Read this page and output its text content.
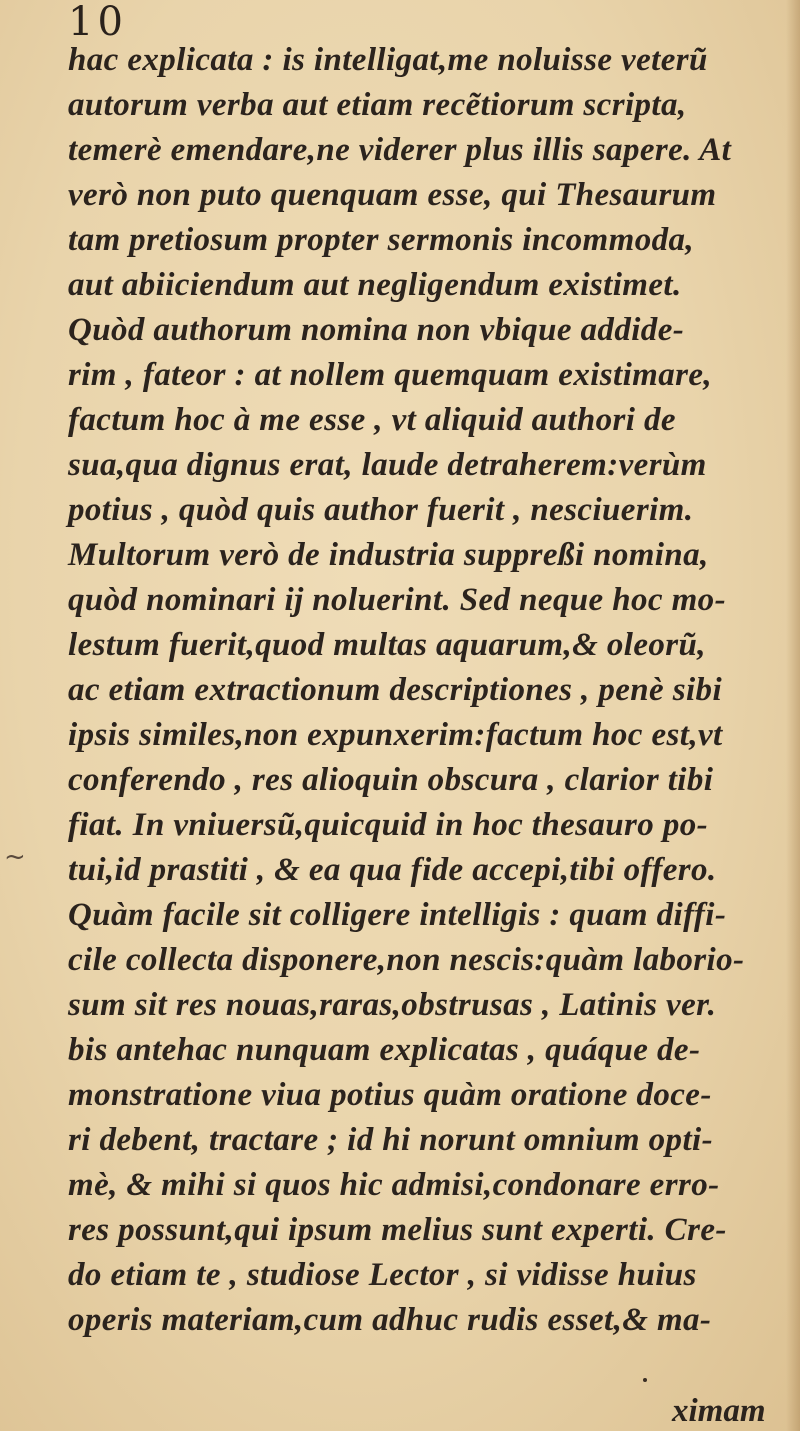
10
hac explicata : is intelligat,me noluisse veterũ
autorum verba aut etiam recẽtiorum scripta,
temerè emendare,ne viderer plus illis sapere. At
verò non puto quenquam esse, qui Thesaurum
tam pretiosum propter sermonis incommoda,
aut abiiciendum aut negligendum existimet.
Quòd authorum nomina non vbique addide-
rim , fateor : at nollem quemquam existimare,
factum hoc à me esse , vt aliquid authori de
sua,qua dignus erat, laude detraherem:verùm
potius , quòd quis author fuerit , nesciuerim.
Multorum verò de industria suppreßi nomina,
quòd nominari ij noluerint. Sed neque hoc mo-
lestum fuerit,quod multas aquarum,& oleorũ,
ac etiam extractionum descriptiones , penè sibi
ipsis similes,non expunxerim:factum hoc est,vt
conferendo , res alioquin obscura , clarior tibi
fiat. In vniuersũ,quicquid in hoc thesauro po-
tui,id prastiti , & ea qua fide accepi,tibi offero.
Quàm facile sit colligere intelligis : quam diffi-
cile collecta disponere,non nescis:quàm laborio-
sum sit res nouas,raras,obstrusas , Latinis ver.
bis antehac nunquam explicatas , quáque de-
monstratione viua potius quàm oratione doce-
ri debent, tractare ; id hi norunt omnium opti-
mè, & mihi si quos hic admisi,condonare erro-
res possunt,qui ipsum melius sunt experti. Cre-
do etiam te , studiose Lector , si vidisse huius
operis materiam,cum adhuc rudis esset,& ma-
~
ximam
